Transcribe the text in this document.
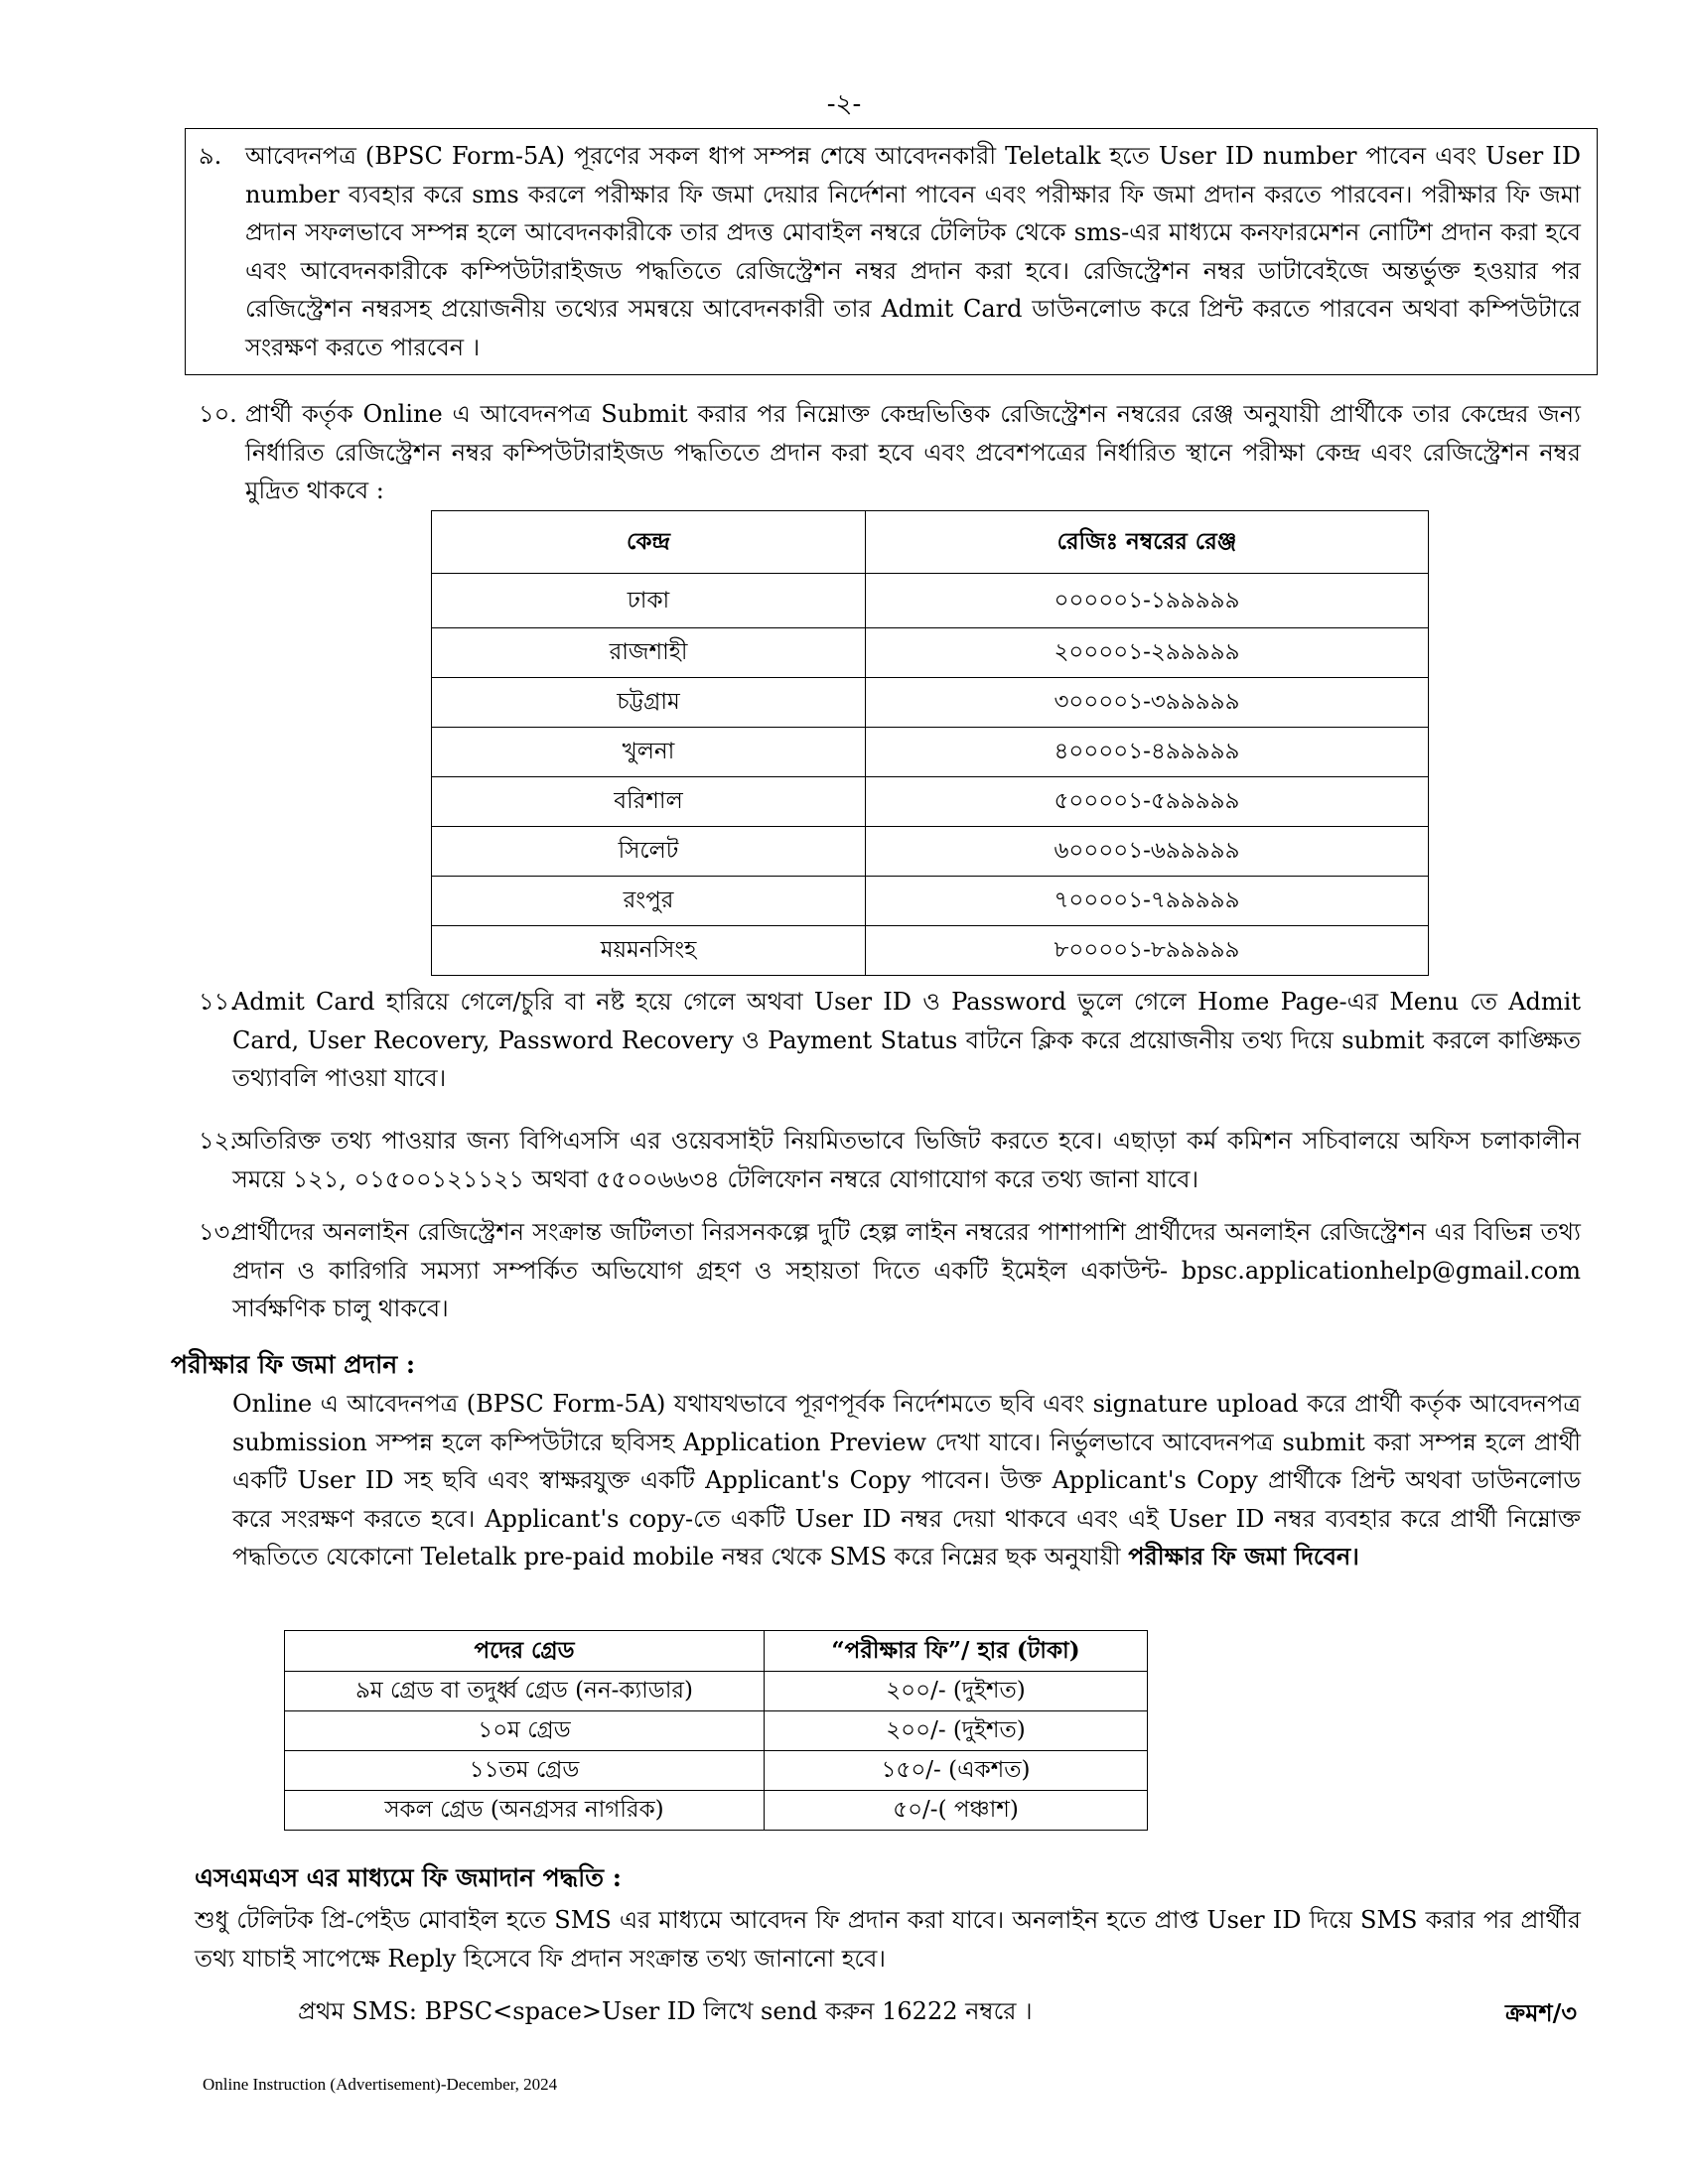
-২-
৯. আবেদনপত্র (BPSC Form-5A) পূরণের সকল ধাপ সম্পন্ন শেষে আবেদনকারী Teletalk হতে User ID number পাবেন এবং User ID number ব্যবহার করে sms করলে পরীক্ষার ফি জমা দেয়ার নির্দেশনা পাবেন এবং পরীক্ষার ফি জমা প্রদান করতে পারবেন। পরীক্ষার ফি জমা প্রদান সফলভাবে সম্পন্ন হলে আবেদনকারীকে তার প্রদত্ত মোবাইল নম্বরে টেলিটক থেকে sms-এর মাধ্যমে কনফারমেশন নোটিশ প্রদান করা হবে এবং আবেদনকারীকে কম্পিউটারাইজড পদ্ধতিতে রেজিস্ট্রেশন নম্বর প্রদান করা হবে। রেজিস্ট্রেশন নম্বর ডাটাবেইজে অন্তর্ভুক্ত হওয়ার পর রেজিস্ট্রেশন নম্বরসহ প্রয়োজনীয় তথ্যের সমন্বয়ে আবেদনকারী তার Admit Card ডাউনলোড করে প্রিন্ট করতে পারবেন অথবা কম্পিউটারে সংরক্ষণ করতে পারবেন ।
১০. প্রার্থী কর্তৃক Online এ আবেদনপত্র Submit করার পর নিম্নোক্ত কেন্দ্রভিত্তিক রেজিস্ট্রেশন নম্বরের রেঞ্জ অনুযায়ী প্রার্থীকে তার কেন্দ্রের জন্য নির্ধারিত রেজিস্ট্রেশন নম্বর কম্পিউটারাইজড পদ্ধতিতে প্রদান করা হবে এবং প্রবেশপত্রের নির্ধারিত স্থানে পরীক্ষা কেন্দ্র এবং রেজিস্ট্রেশন নম্বর মুদ্রিত থাকবে :
কেন্দ্র	রেজিঃ নম্বরের রেঞ্জ
ঢাকা	০০০০০১-১৯৯৯৯৯
রাজশাহী	২০০০০১-২৯৯৯৯৯
চট্টগ্রাম	৩০০০০১-৩৯৯৯৯৯
খুলনা	৪০০০০১-৪৯৯৯৯৯
বরিশাল	৫০০০০১-৫৯৯৯৯৯
সিলেট	৬০০০০১-৬৯৯৯৯৯
রংপুর	৭০০০০১-৭৯৯৯৯৯
ময়মনসিংহ	৮০০০০১-৮৯৯৯৯৯
১১.
Admit Card হারিয়ে গেলে/চুরি বা নষ্ট হয়ে গেলে অথবা User ID ও Password ভুলে গেলে Home Page-এর Menu তে Admit Card, User Recovery, Password Recovery ও Payment Status বাটনে ক্লিক করে প্রয়োজনীয় তথ্য দিয়ে submit করলে কাঙ্ক্ষিত তথ্যাবলি পাওয়া যাবে।
১২.
অতিরিক্ত তথ্য পাওয়ার জন্য বিপিএসসি এর ওয়েবসাইট নিয়মিতভাবে ভিজিট করতে হবে। এছাড়া কর্ম কমিশন সচিবালয়ে অফিস চলাকালীন সময়ে ১২১, ০১৫০০১২১১২১ অথবা ৫৫০০৬৬৩৪ টেলিফোন নম্বরে যোগাযোগ করে তথ্য জানা যাবে।
১৩.
প্রার্থীদের অনলাইন রেজিস্ট্রেশন সংক্রান্ত জটিলতা নিরসনকল্পে দুটি হেল্প লাইন নম্বরের পাশাপাশি প্রার্থীদের অনলাইন রেজিস্ট্রেশন এর বিভিন্ন তথ্য প্রদান ও কারিগরি সমস্যা সম্পর্কিত অভিযোগ গ্রহণ ও সহায়তা দিতে একটি ইমেইল একাউন্ট- bpsc.applicationhelp@gmail.com সার্বক্ষণিক চালু থাকবে।
পরীক্ষার ফি জমা প্রদান :
Online এ আবেদনপত্র (BPSC Form-5A) যথাযথভাবে পূরণপূর্বক নির্দেশমতে ছবি এবং signature upload করে প্রার্থী কর্তৃক আবেদনপত্র submission সম্পন্ন হলে কম্পিউটারে ছবিসহ Application Preview দেখা যাবে। নির্ভুলভাবে আবেদনপত্র submit করা সম্পন্ন হলে প্রার্থী একটি User ID সহ ছবি এবং স্বাক্ষরযুক্ত একটি Applicant's Copy পাবেন। উক্ত Applicant's Copy প্রার্থীকে প্রিন্ট অথবা ডাউনলোড করে সংরক্ষণ করতে হবে। Applicant's copy-তে একটি User ID নম্বর দেয়া থাকবে এবং এই User ID নম্বর ব্যবহার করে প্রার্থী নিম্নোক্ত পদ্ধতিতে যেকোনো Teletalk pre-paid mobile নম্বর থেকে SMS করে নিম্নের ছক অনুযায়ী পরীক্ষার ফি জমা দিবেন।
পদের গ্রেড	“পরীক্ষার ফি”/ হার (টাকা)
৯ম গ্রেড বা তদুর্ধ্ব গ্রেড (নন-ক্যাডার)	২০০/- (দুইশত)
১০ম গ্রেড	২০০/- (দুইশত)
১১তম গ্রেড	১৫০/- (একশত)
সকল গ্রেড (অনগ্রসর নাগরিক)	৫০/-( পঞ্চাশ)
এসএমএস এর মাধ্যমে ফি জমাদান পদ্ধতি :
শুধু টেলিটক প্রি-পেইড মোবাইল হতে SMS এর মাধ্যমে আবেদন ফি প্রদান করা যাবে। অনলাইন হতে প্রাপ্ত User ID দিয়ে SMS করার পর প্রার্থীর তথ্য যাচাই সাপেক্ষে Reply হিসেবে ফি প্রদান সংক্রান্ত তথ্য জানানো হবে।
প্রথম SMS: BPSC<space>User ID লিখে send করুন 16222 নম্বরে ।	ক্রমশ/৩
Online Instruction (Advertisement)-December, 2024
